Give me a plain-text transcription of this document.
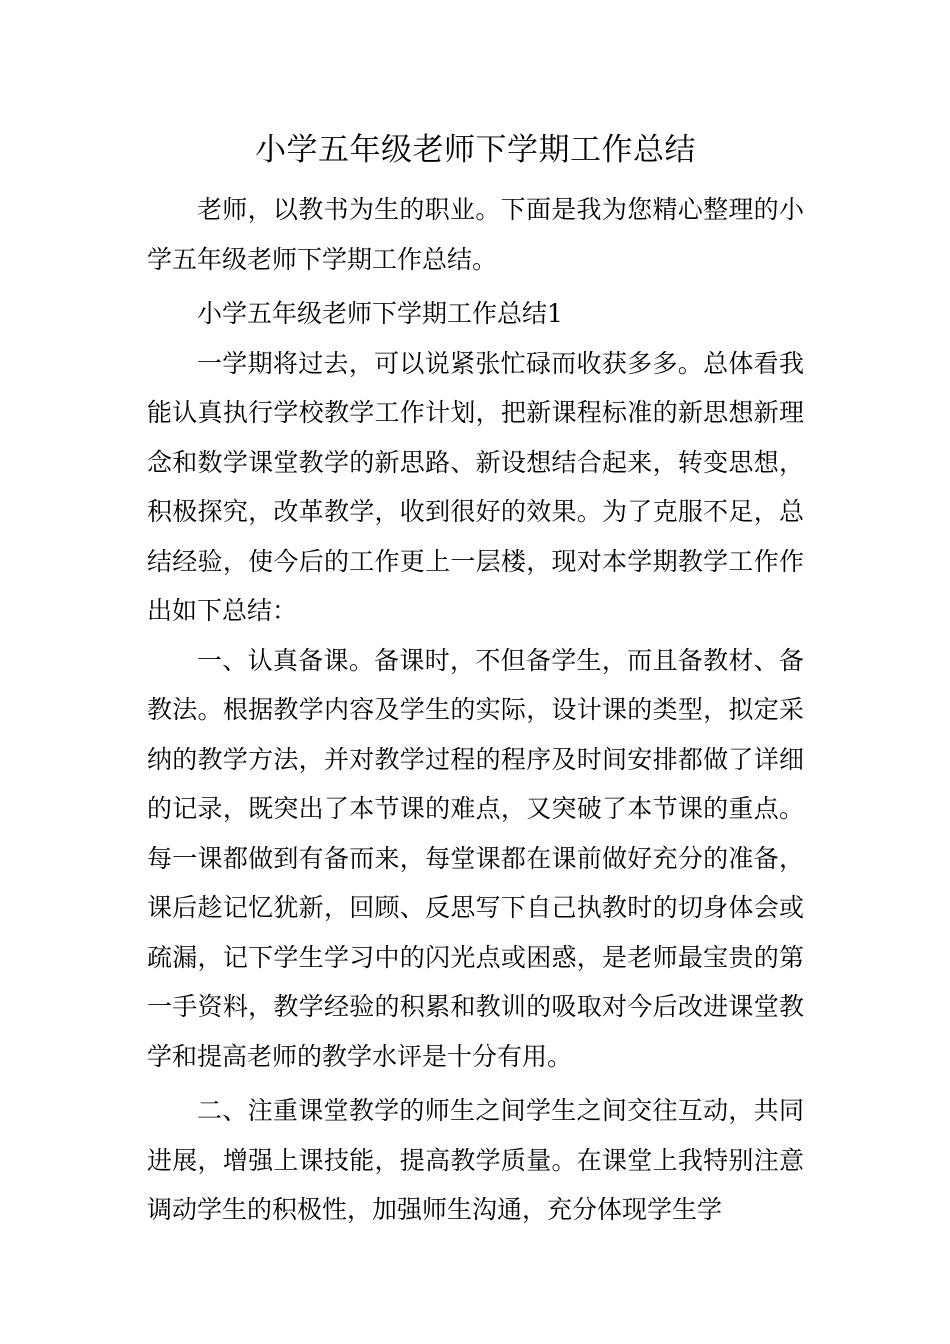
小学五年级老师下学期工作总结

老师，以教书为生的职业。下面是我为您精心整理的小学五年级老师下学期工作总结。

小学五年级老师下学期工作总结1

一学期将过去，可以说紧张忙碌而收获多多。总体看我能认真执行学校教学工作计划，把新课程标准的新思想新理念和数学课堂教学的新思路、新设想结合起来，转变思想，积极探究，改革教学，收到很好的效果。为了克服不足，总结经验，使今后的工作更上一层楼，现对本学期教学工作作出如下总结：

一、认真备课。备课时，不但备学生，而且备教材、备教法。根据教学内容及学生的实际，设计课的类型，拟定采纳的教学方法，并对教学过程的程序及时间安排都做了详细的记录，既突出了本节课的难点，又突破了本节课的重点。每一课都做到有备而来，每堂课都在课前做好充分的准备，课后趁记忆犹新，回顾、反思写下自己执教时的切身体会或疏漏，记下学生学习中的闪光点或困惑，是老师最宝贵的第一手资料，教学经验的积累和教训的吸取对今后改进课堂教学和提高老师的教学水评是十分有用。

二、注重课堂教学的师生之间学生之间交往互动，共同进展，增强上课技能，提高教学质量。在课堂上我特别注意调动学生的积极性，加强师生沟通，充分体现学生学
